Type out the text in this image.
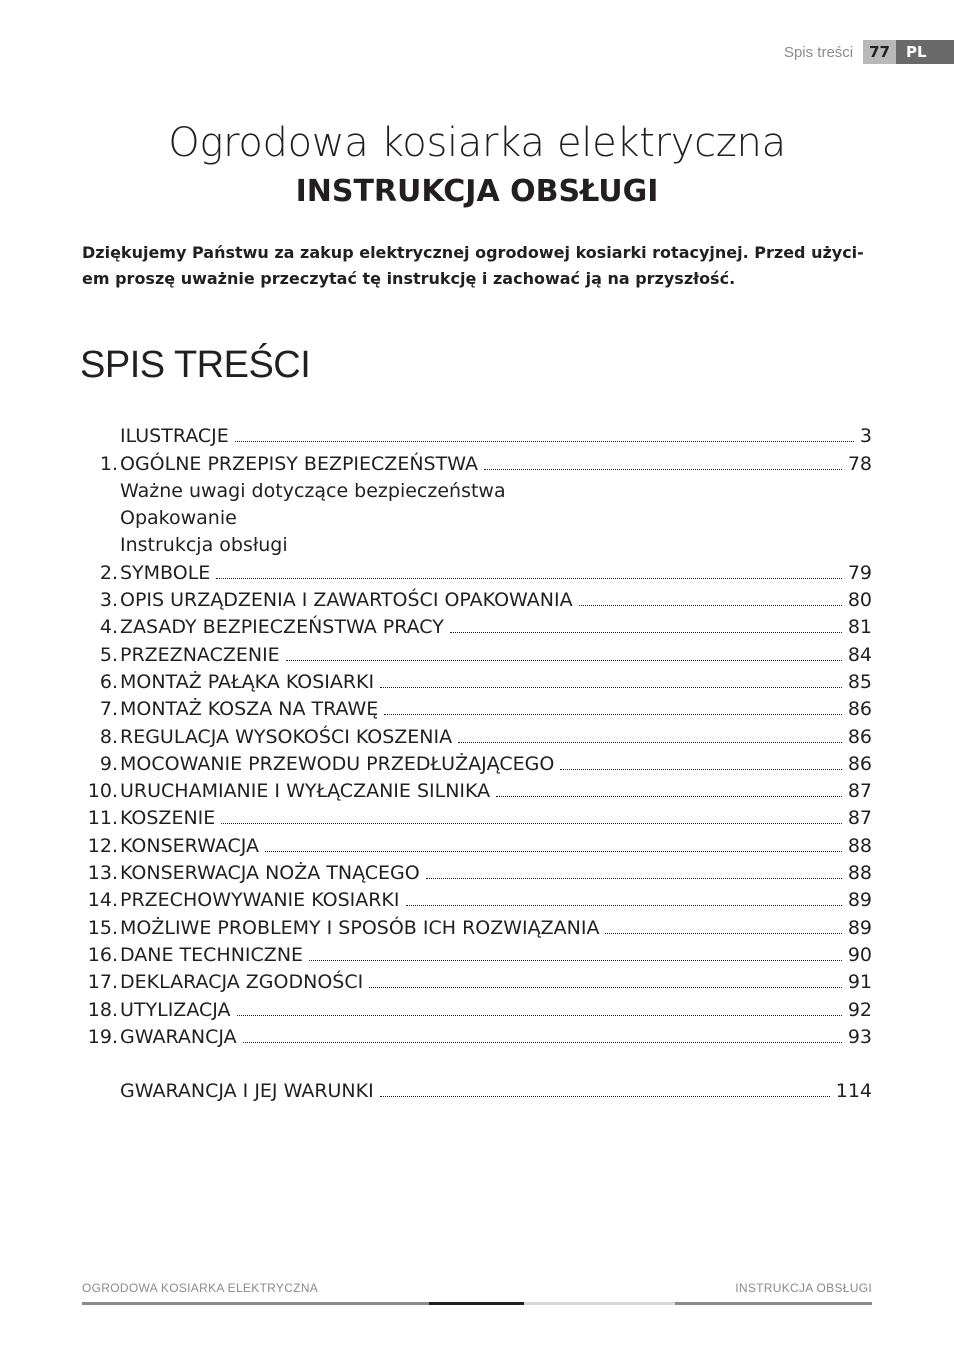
Spis treści	77	PL
Ogrodowa kosiarka elektryczna
INSTRUKCJA OBSŁUGI
Dziękujemy Państwu za zakup elektrycznej ogrodowej kosiarki rotacyjnej. Przed użyci-
em proszę uważnie przeczytać tę instrukcję i zachować ją na przyszłość.
SPIS TREŚCI
ILUSTRACJE	3
1. OGÓLNE PRZEPISY BEZPIECZEŃSTWA	78
Ważne uwagi dotyczące bezpieczeństwa
Opakowanie
Instrukcja obsługi
2. SYMBOLE	79
3. OPIS URZĄDZENIA I ZAWARTOŚCI OPAKOWANIA	80
4. ZASADY BEZPIECZEŃSTWA PRACY	81
5. PRZEZNACZENIE	84
6. MONTAŻ PAŁĄKA KOSIARKI	85
7. MONTAŻ KOSZA NA TRAWĘ	86
8. REGULACJA WYSOKOŚCI KOSZENIA	86
9. MOCOWANIE PRZEWODU PRZEDŁUŻAJĄCEGO	86
10. URUCHAMIANIE I WYŁĄCZANIE SILNIKA	87
11. KOSZENIE	87
12. KONSERWACJA	88
13. KONSERWACJA NOŻA TNĄCEGO	88
14. PRZECHOWYWANIE KOSIARKI	89
15. MOŻLIWE PROBLEMY I SPOSÓB ICH ROZWIĄZANIA	89
16. DANE TECHNICZNE	90
17. DEKLARACJA ZGODNOŚCI	91
18. UTYLIZACJA	92
19. GWARANCJA	93
GWARANCJA I JEJ WARUNKI	114
OGRODOWA KOSIARKA ELEKTRYCZNA	INSTRUKCJA OBSŁUGI
